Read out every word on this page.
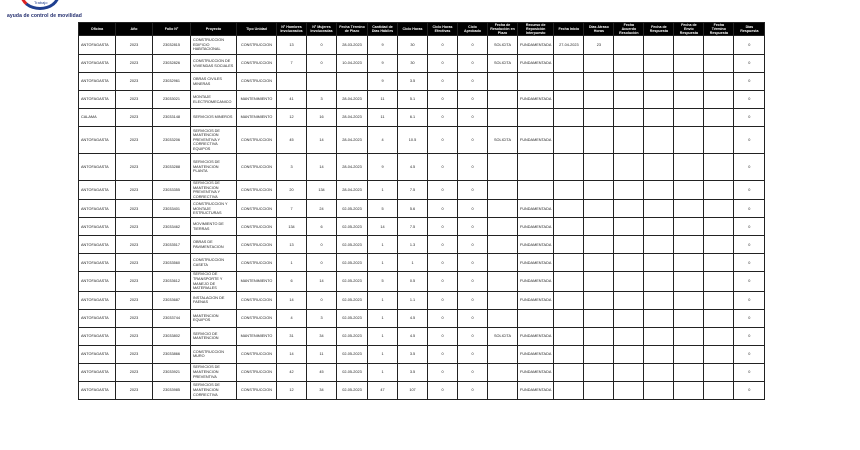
Trabajo
ayuda de control de movilidad
Oficina	Año	Folio N°	Proyecto	Tipo Unidad	N° Hombres Involucrados	N° Mujeres Involucradas	Fecha Término de Plazo	Cantidad de Días Hábiles	Ciclo Horas	Ciclo Horas Efectivas	Ciclo Aprobado	Fecha de Resolución en Plazo	Recurso de Reposición Interpuesto	Fecha Inicio	Días Atraso Horas	Fecha Acuerdo Resolución	Fecha de Respuesta	Fecha de Envío Respuesta	Fecha Término Respuesta	Días Respuesta
ANTOFAGASTA	2023	23032815	CONSTRUCCION EDIFICIO HABITACIONAL	CONSTRUCCION	13	0	28-03-2023	9	30	0	0	SOLICITA	FUNDAMENTADA	27-04-2023	23					0
ANTOFAGASTA	2023	23032826	CONSTRUCCION DE VIVIENDAS SOCIALES	CONSTRUCCION	7	0	10-04-2023	9	30	0	0	SOLICITA	FUNDAMENTADA							0
ANTOFAGASTA	2023	23032961	OBRAS CIVILES MINERAS	CONSTRUCCION				9	3.5	0	0									0
ANTOFAGASTA	2023	23033021	MONTAJE ELECTROMECANICO	MANTENIMIENTO	41	3	28-04-2023	11	5.1	0	0		FUNDAMENTADA							0
CALAMA	2023	23033148	SERVICIOS MINEROS	MANTENIMIENTO	12	16	28-04-2023	11	6.1	0	0									0
ANTOFAGASTA	2023	23033206	SERVICIOS DE MANTENCION PREVENTIVA Y CORRECTIVA EQUIPOS	CONSTRUCCION	45	14	28-04-2023	4	10.5	0	0	SOLICITA	FUNDAMENTADA							0
ANTOFAGASTA	2023	23033288	SERVICIOS DE MANTENCION PLANTA	CONSTRUCCION	3	14	28-04-2023	9	4.5	0	0									0
ANTOFAGASTA	2023	23033355	SERVICIOS DE MANTENCION PREVENTIVA Y CORRECTIVA	CONSTRUCCION	20	134	28-04-2023	1	7.5	0	0									0
ANTOFAGASTA	2023	23033401	CONSTRUCCION Y MONTAJE ESTRUCTURAS	CONSTRUCCION	7	24	02-05-2023	5	5.6	0	0		FUNDAMENTADA							0
ANTOFAGASTA	2023	23033462	MOVIMIENTO DE TIERRAS	CONSTRUCCION	134	6	02-05-2023	14	7.5	0	0		FUNDAMENTADA							0
ANTOFAGASTA	2023	23033517	OBRAS DE PAVIMENTACION	CONSTRUCCION	13	0	02-05-2023	1	1.3	0	0		FUNDAMENTADA							0
ANTOFAGASTA	2023	23033560	CONSTRUCCION CASETA	CONSTRUCCION	1	0	02-05-2023	1	1	0	0		FUNDAMENTADA							0
ANTOFAGASTA	2023	23033612	SERVICIO DE TRANSPORTE Y MANEJO DE MATERIALES	MANTENIMIENTO	6	14	02-05-2023	5	0.5	0	0		FUNDAMENTADA							0
ANTOFAGASTA	2023	23033687	INSTALACION DE FAENAS	CONSTRUCCION	14	0	02-05-2023	1	1.1	0	0		FUNDAMENTADA							0
ANTOFAGASTA	2023	23033744	MANTENCION EQUIPOS	CONSTRUCCION	4	3	02-05-2023	1	4.5	0	0									0
ANTOFAGASTA	2023	23033802	SERVICIO DE MANTENCION	MANTENIMIENTO	31	34	02-05-2023	1	4.5	0	0	SOLICITA	FUNDAMENTADA							0
ANTOFAGASTA	2023	23033866	CONSTRUCCION MURO	CONSTRUCCION	14	11	02-05-2023	1	3.5	0	0		FUNDAMENTADA							0
ANTOFAGASTA	2023	23033921	SERVICIOS DE MANTENCION PREVENTIVA	CONSTRUCCION	42	45	02-05-2023	1	3.5	0	0		FUNDAMENTADA							0
ANTOFAGASTA	2023	23033985	SERVICIOS DE MANTENCION CORRECTIVA	CONSTRUCCION	12	34	02-05-2023	47	107	0	0		FUNDAMENTADA							0
